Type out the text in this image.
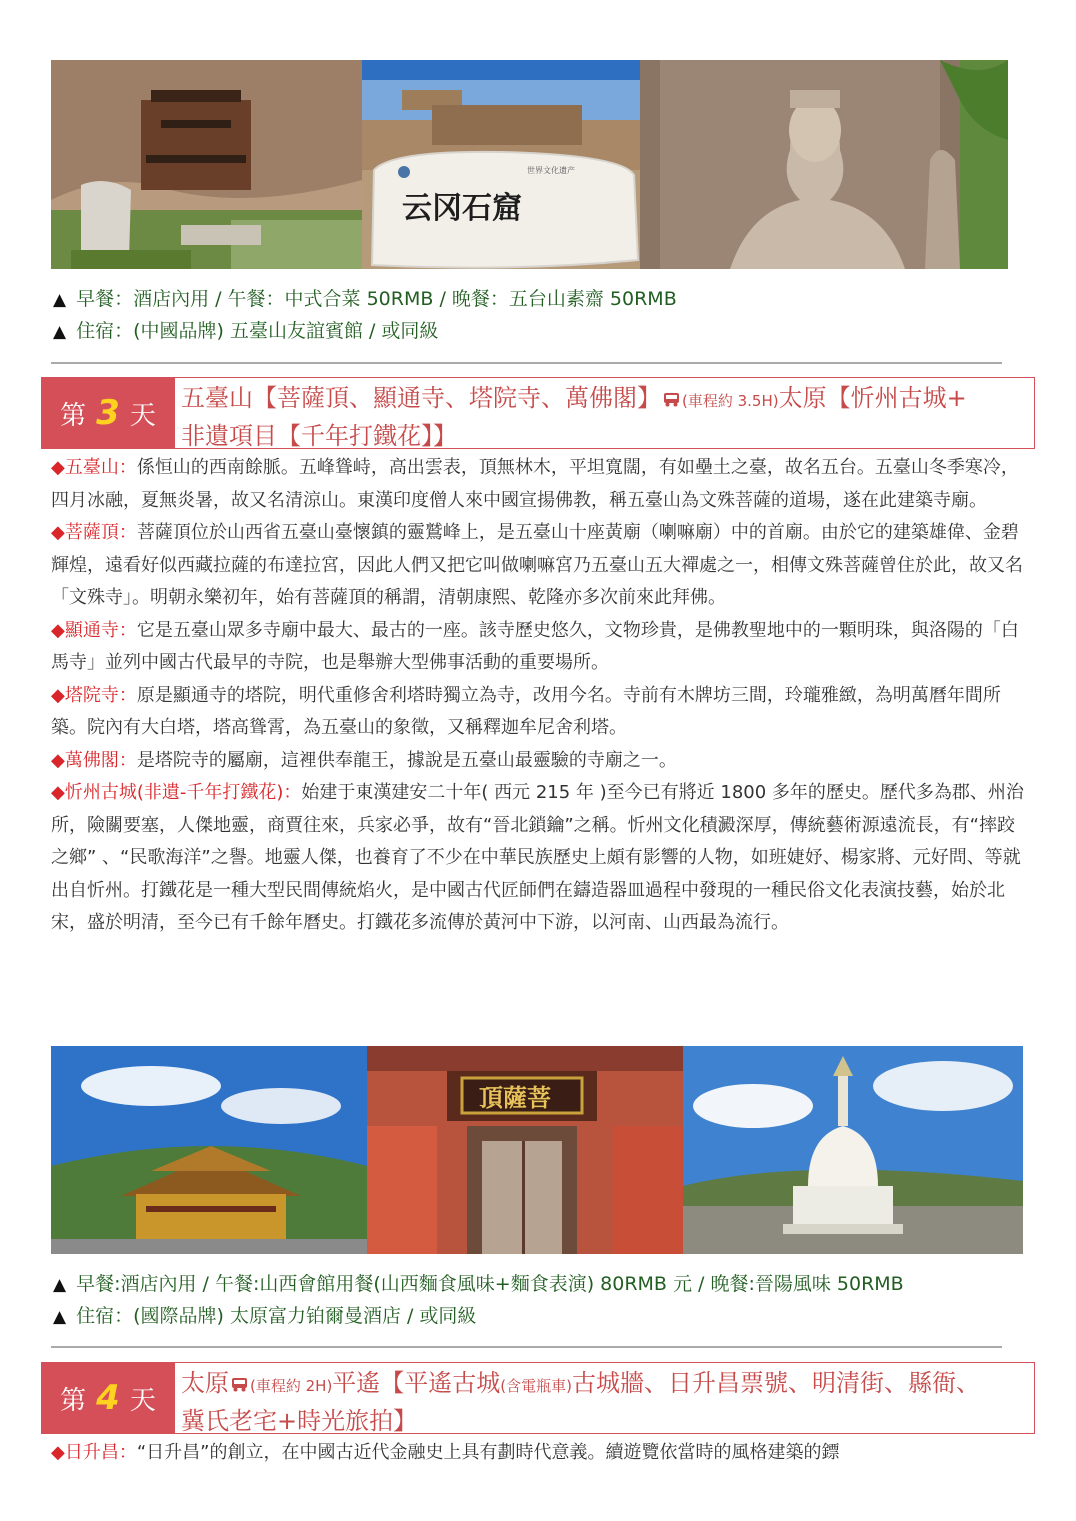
世界文化遗产
云冈石窟
▲ 早餐：酒店內用 / 午餐：中式合菜 50RMB / 晚餐：五台山素齋 50RMB
▲ 住宿：(中國品牌) 五臺山友誼賓館 / 或同級
第 3 天
五臺山【菩薩頂、顯通寺、塔院寺、萬佛閣】 (車程約 3.5H)太原【忻州古城+
非遺項目【千年打鐵花】】

◆五臺山：係恒山的西南餘脈。五峰聳峙，高出雲表，頂無林木，平坦寬闊，有如壘土之臺，故名五台。五臺山冬季寒冷，四月冰融，夏無炎暑，故又名清涼山。東漢印度僧人來中國宣揚佛教，稱五臺山為文殊菩薩的道場，遂在此建築寺廟。

◆菩薩頂：菩薩頂位於山西省五臺山臺懷鎮的靈鷲峰上，是五臺山十座黃廟（喇嘛廟）中的首廟。由於它的建築雄偉、金碧輝煌，遠看好似西藏拉薩的布達拉宮，因此人們又把它叫做喇嘛宮乃五臺山五大禪處之一，相傳文殊菩薩曾住於此，故又名「文殊寺」。明朝永樂初年，始有菩薩頂的稱謂，清朝康熙、乾隆亦多次前來此拜佛。

◆顯通寺：它是五臺山眾多寺廟中最大、最古的一座。該寺歷史悠久，文物珍貴，是佛教聖地中的一顆明珠，與洛陽的「白馬寺」並列中國古代最早的寺院，也是舉辦大型佛事活動的重要場所。

◆塔院寺：原是顯通寺的塔院，明代重修舍利塔時獨立為寺，改用今名。寺前有木牌坊三間，玲瓏雅緻，為明萬曆年間所築。院內有大白塔，塔高聳霄，為五臺山的象徵，又稱釋迦牟尼舍利塔。

◆萬佛閣：是塔院寺的屬廟，這裡供奉龍王，據說是五臺山最靈驗的寺廟之一。

◆忻州古城(非遺-千年打鐵花)：始建于東漢建安二十年( 西元 215 年 )至今已有將近 1800 多年的歷史。歷代多為郡、州治所，險關要塞，人傑地靈，商賈往來，兵家必爭，故有“晉北鎖鑰”之稱。忻州文化積澱深厚，傳統藝術源遠流長，有“摔跤之鄉” 、“民歌海洋”之譽。地靈人傑，也養育了不少在中華民族歷史上頗有影響的人物，如班婕妤、楊家將、元好問、等就出自忻州。打鐵花是一種大型民間傳統焰火，是中國古代匠師們在鑄造器皿過程中發現的一種民俗文化表演技藝，始於北宋，盛於明清，至今已有千餘年曆史。打鐵花多流傳於黃河中下游，以河南、山西最為流行。

頂薩菩
▲ 早餐:酒店內用 / 午餐:山西會館用餐(山西麵食風味+麵食表演) 80RMB 元 / 晚餐:晉陽風味 50RMB
▲ 住宿：(國際品牌) 太原富力铂爾曼酒店 / 或同級
第 4 天
太原 (車程約 2H)平遙【平遙古城(含電瓶車)古城牆、日升昌票號、明清街、縣衙、
冀氏老宅+時光旅拍】

◆日升昌：“日升昌”的創立，在中國古近代金融史上具有劃時代意義。續遊覽依當時的風格建築的鏢
